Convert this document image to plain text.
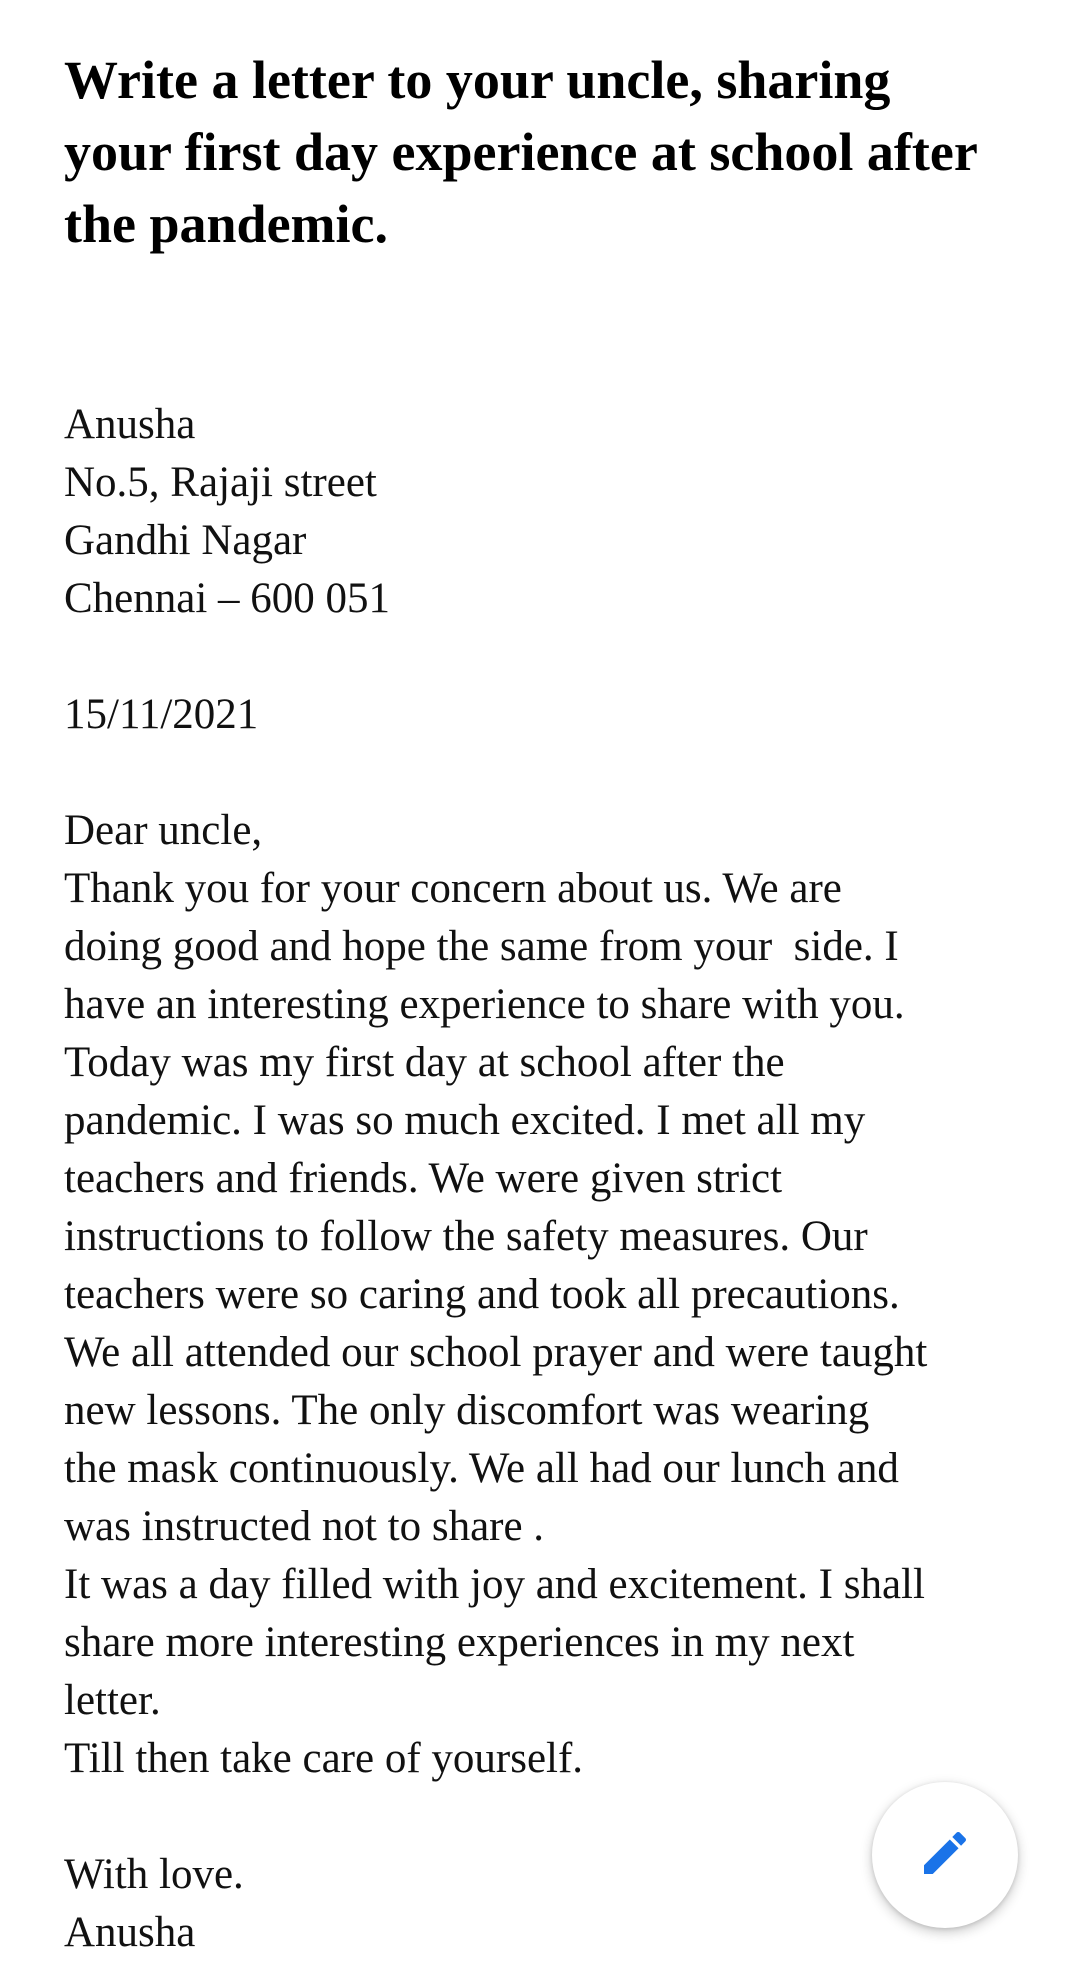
Write a letter to your uncle, sharing your first day experience at school after the pandemic.
Anusha
No.5, Rajaji street
Gandhi Nagar
Chennai – 600 051
15/11/2021
Dear uncle,
Thank you for your concern about us. We are
doing good and hope the same from your  side. I
have an interesting experience to share with you.
Today was my first day at school after the
pandemic. I was so much excited. I met all my
teachers and friends. We were given strict
instructions to follow the safety measures. Our
teachers were so caring and took all precautions.
We all attended our school prayer and were taught
new lessons. The only discomfort was wearing
the mask continuously. We all had our lunch and
was instructed not to share .
It was a day filled with joy and excitement. I shall
share more interesting experiences in my next
letter.
Till then take care of yourself.
With love.
Anusha
